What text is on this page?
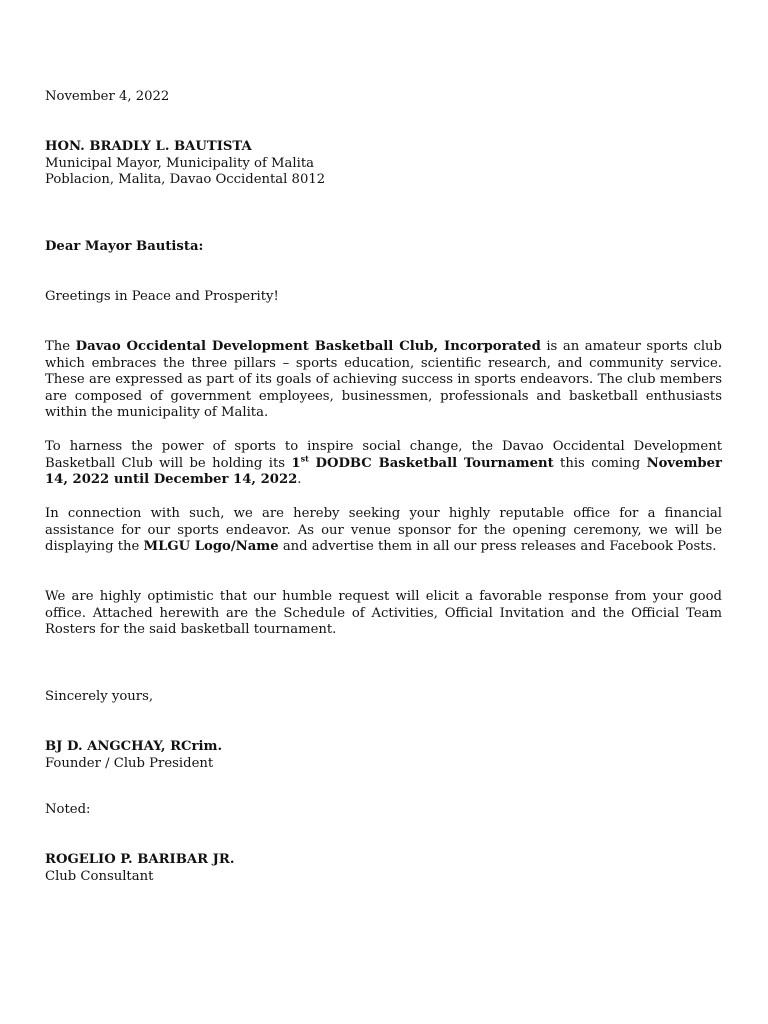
November 4, 2022

HON. BRADLY L. BAUTISTA
Municipal Mayor, Municipality of Malita
Poblacion, Malita, Davao Occidental 8012

Dear Mayor Bautista:

Greetings in Peace and Prosperity!

The Davao Occidental Development Basketball Club, Incorporated is an amateur sports club which embraces the three pillars – sports education, scientific research, and community service. These are expressed as part of its goals of achieving success in sports endeavors. The club members are composed of government employees, businessmen, professionals and basketball enthusiasts within the municipality of Malita.

To harness the power of sports to inspire social change, the Davao Occidental Development Basketball Club will be holding its 1st DODBC Basketball Tournament this coming November 14, 2022 until December 14, 2022.

In connection with such, we are hereby seeking your highly reputable office for a financial assistance for our sports endeavor. As our venue sponsor for the opening ceremony, we will be displaying the MLGU Logo/Name and advertise them in all our press releases and Facebook Posts.

We are highly optimistic that our humble request will elicit a favorable response from your good office. Attached herewith are the Schedule of Activities, Official Invitation and the Official Team Rosters for the said basketball tournament.

Sincerely yours,

BJ D. ANGCHAY, RCrim.
Founder / Club President

Noted:

ROGELIO P. BARIBAR JR.
Club Consultant
